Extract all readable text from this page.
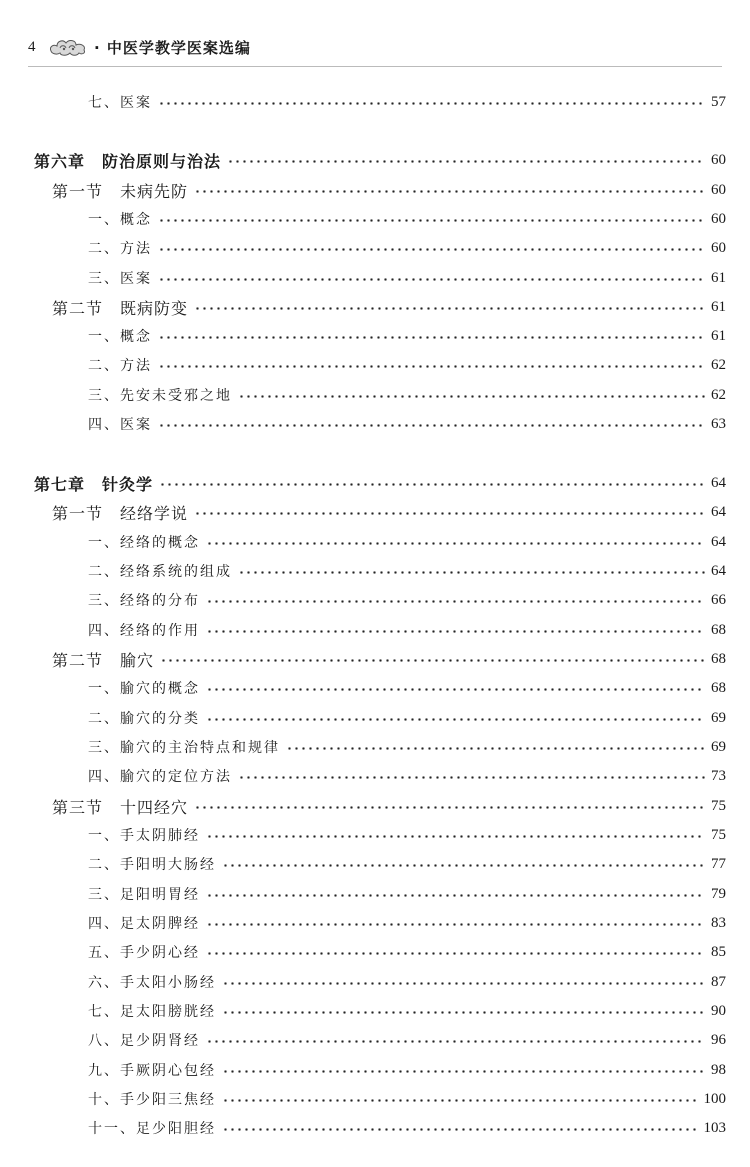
4	· 中医学教学医案选编
七、医案	57
第六章　防治原则与治法	60
第一节　未病先防	60
一、概念	60
二、方法	60
三、医案	61
第二节　既病防变	61
一、概念	61
二、方法	62
三、先安未受邪之地	62
四、医案	63
第七章　针灸学	64
第一节　经络学说	64
一、经络的概念	64
二、经络系统的组成	64
三、经络的分布	66
四、经络的作用	68
第二节　腧穴	68
一、腧穴的概念	68
二、腧穴的分类	69
三、腧穴的主治特点和规律	69
四、腧穴的定位方法	73
第三节　十四经穴	75
一、手太阴肺经	75
二、手阳明大肠经	77
三、足阳明胃经	79
四、足太阴脾经	83
五、手少阴心经	85
六、手太阳小肠经	87
七、足太阳膀胱经	90
八、足少阴肾经	96
九、手厥阴心包经	98
十、手少阳三焦经	100
十一、足少阳胆经	103
